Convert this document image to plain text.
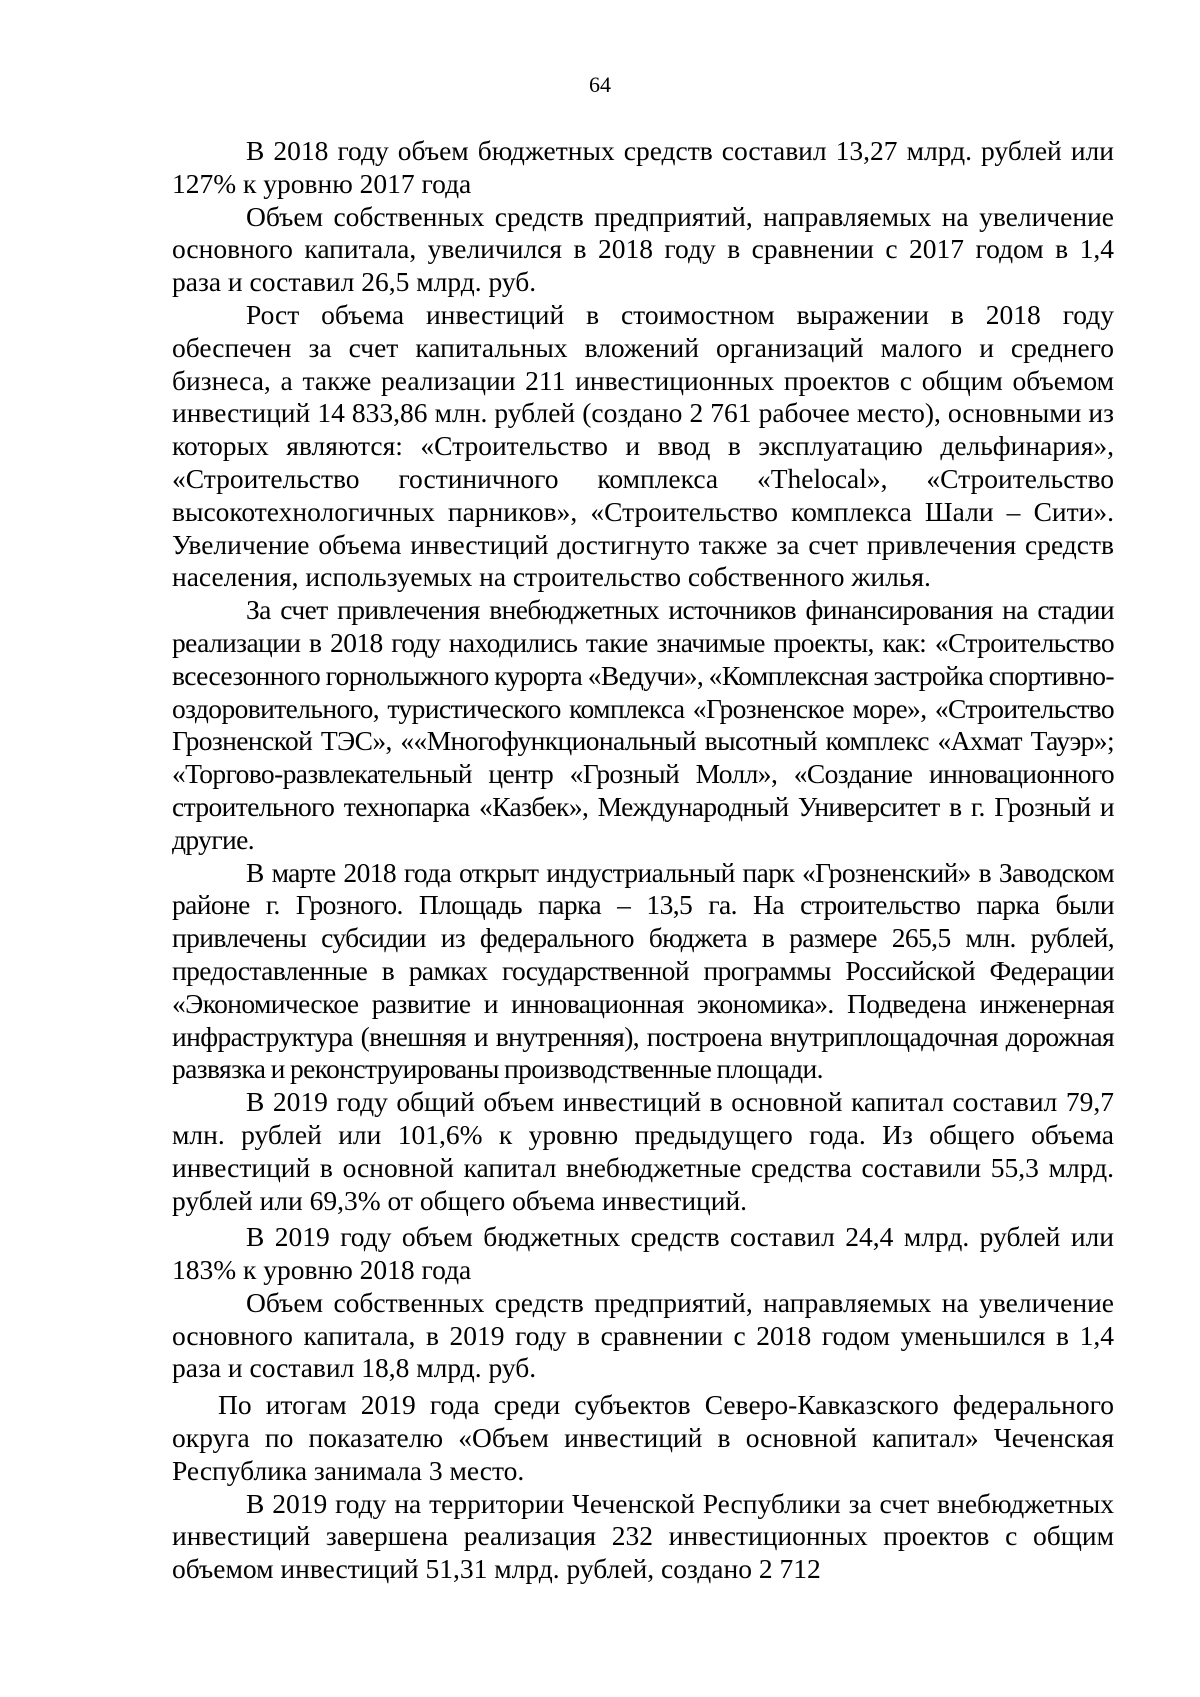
64

В 2018 году объем бюджетных средств составил 13,27 млрд. рублей или 127% к уровню 2017 года

Объем собственных средств предприятий, направляемых на увеличение основного капитала, увеличился в 2018 году в сравнении с 2017 годом в 1,4 раза и составил 26,5 млрд. руб.

Рост объема инвестиций в стоимостном выражении в 2018 году обеспечен за счет капитальных вложений организаций малого и среднего бизнеса, а также реализации 211 инвестиционных проектов с общим объемом инвестиций 14 833,86 млн. рублей (создано 2 761 рабочее место), основными из которых являются: «Строительство и ввод в эксплуатацию дельфинария», «Строительство гостиничного комплекса «Thelocal», «Строительство высокотехнологичных парников», «Строительство комплекса Шали – Сити». Увеличение объема инвестиций достигнуто также за счет привлечения средств населения, используемых на строительство собственного жилья.

За счет привлечения внебюджетных источников финансирования на стадии реализации в 2018 году находились такие значимые проекты, как: «Строительство всесезонного горнолыжного курорта «Ведучи», «Комплексная застройка спортивно-оздоровительного, туристического комплекса «Грозненское море», «Строительство Грозненской ТЭС», ««Многофункциональный высотный комплекс «Ахмат Тауэр»; «Торгово-развлекательный центр «Грозный Молл», «Создание инновационного строительного технопарка «Казбек», Международный Университет в г. Грозный и другие.

В марте 2018 года открыт индустриальный парк «Грозненский» в Заводском районе г. Грозного. Площадь парка – 13,5 га. На строительство парка были привлечены субсидии из федерального бюджета в размере 265,5 млн. рублей, предоставленные в рамках государственной программы Российской Федерации «Экономическое развитие и инновационная экономика». Подведена инженерная инфраструктура (внешняя и внутренняя), построена внутриплощадочная дорожная развязка и реконструированы производственные площади.

В 2019 году общий объем инвестиций в основной капитал составил 79,7 млн. рублей или 101,6% к уровню предыдущего года. Из общего объема инвестиций в основной капитал внебюджетные средства составили 55,3 млрд. рублей или 69,3% от общего объема инвестиций.

В 2019 году объем бюджетных средств составил 24,4 млрд. рублей или 183% к уровню 2018 года

Объем собственных средств предприятий, направляемых на увеличение основного капитала, в 2019 году в сравнении с 2018 годом уменьшился в 1,4 раза и составил 18,8 млрд. руб.

По итогам 2019 года среди субъектов Северо-Кавказского федерального округа по показателю «Объем инвестиций в основной капитал» Чеченская Республика занимала 3 место.

В 2019 году на территории Чеченской Республики за счет внебюджетных инвестиций завершена реализация 232 инвестиционных проектов с общим объемом инвестиций 51,31 млрд. рублей, создано 2 712
